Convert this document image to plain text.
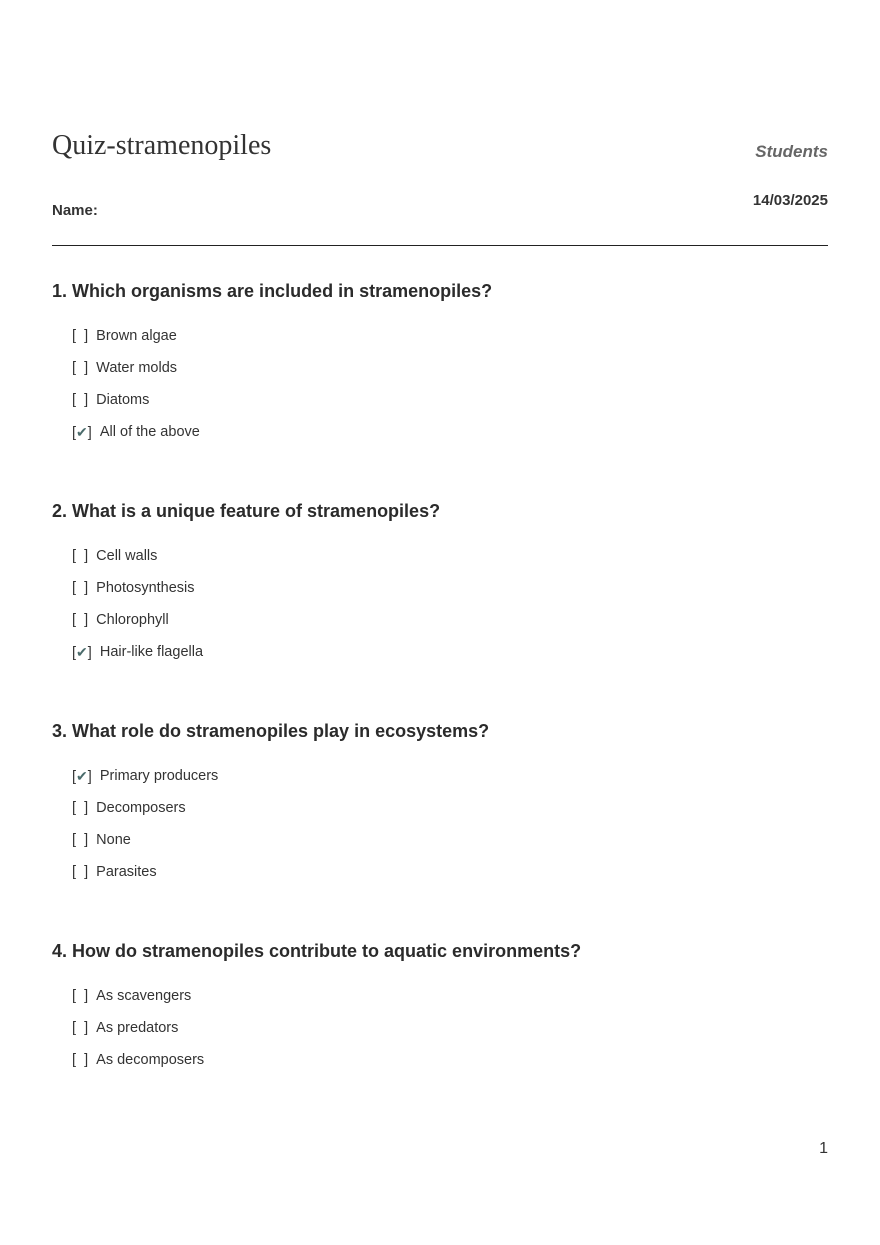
Quiz-stramenopiles	Students
14/03/2025
Name:

1. Which organisms are included in stramenopiles?

[  ] Brown algae
[  ] Water molds
[  ] Diatoms
[✔] All of the above

2. What is a unique feature of stramenopiles?

[  ] Cell walls
[  ] Photosynthesis
[  ] Chlorophyll
[✔] Hair-like flagella

3. What role do stramenopiles play in ecosystems?

[✔] Primary producers
[  ] Decomposers
[  ] None
[  ] Parasites

4. How do stramenopiles contribute to aquatic environments?

[  ] As scavengers
[  ] As predators
[  ] As decomposers
1
